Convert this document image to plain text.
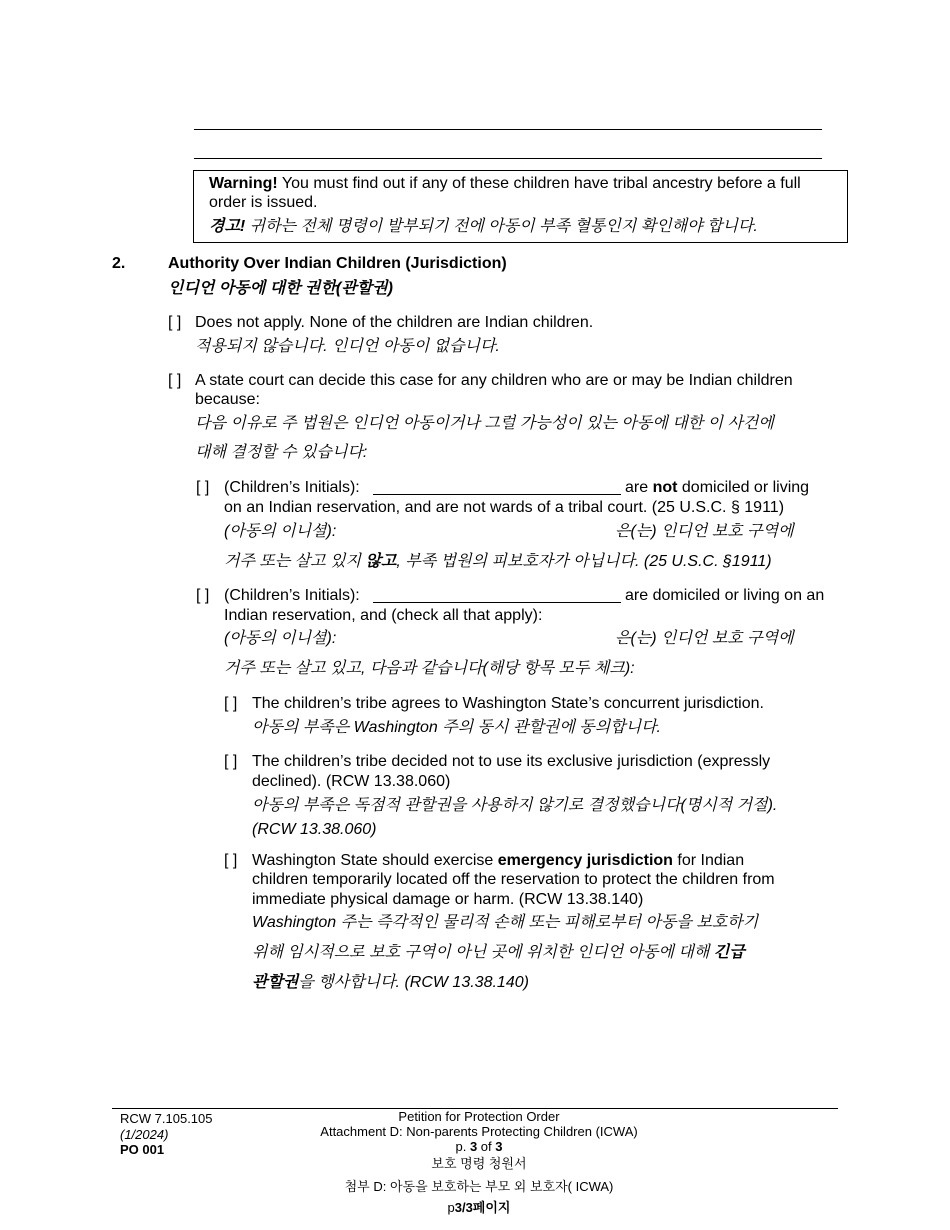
Warning! You must find out if any of these children have tribal ancestry before a full order is issued.
경고! 귀하는 전체 명령이 발부되기 전에 아동이 부족 혈통인지 확인해야 합니다.
2.	Authority Over Indian Children (Jurisdiction)
인디언 아동에 대한 권한(관할권)
[ ] Does not apply. None of the children are Indian children.
적용되지 않습니다. 인디언 아동이 없습니다.
[ ] A state court can decide this case for any children who are or may be Indian children because:
다음 이유로 주 법원은 인디언 아동이거나 그럴 가능성이 있는 아동에 대한 이 사건에
대해 결정할 수 있습니다:
[ ] (Children’s Initials):	are not domiciled or living
on an Indian reservation, and are not wards of a tribal court. (25 U.S.C. § 1911)
(아동의 이니셜):	은(는) 인디언 보호 구역에
거주 또는 살고 있지 않고, 부족 법원의 피보호자가 아닙니다. (25 U.S.C. §1911)
[ ] (Children’s Initials):	are domiciled or living on an
Indian reservation, and (check all that apply):
(아동의 이니셜):	은(는) 인디언 보호 구역에
거주 또는 살고 있고, 다음과 같습니다(해당 항목 모두 체크):
[ ] The children’s tribe agrees to Washington State’s concurrent jurisdiction.
아동의 부족은 Washington 주의 동시 관할권에 동의합니다.
[ ] The children’s tribe decided not to use its exclusive jurisdiction (expressly
declined). (RCW 13.38.060)
아동의 부족은 독점적 관할권을 사용하지 않기로 결정했습니다(명시적 거절).
(RCW 13.38.060)
[ ] Washington State should exercise emergency jurisdiction for Indian
children temporarily located off the reservation to protect the children from
immediate physical damage or harm. (RCW 13.38.140)
Washington 주는 즉각적인 물리적 손해 또는 피해로부터 아동을 보호하기
위해 임시적으로 보호 구역이 아닌 곳에 위치한 인디언 아동에 대해 긴급
관할권을 행사합니다. (RCW 13.38.140)
RCW 7.105.105
(1/2024)
PO 001
Petition for Protection Order
Attachment D: Non-parents Protecting Children (ICWA)
p. 3 of 3
보호 명령 청원서
첨부 D: 아동을 보호하는 부모 외 보호자( ICWA)
p3/3페이지
